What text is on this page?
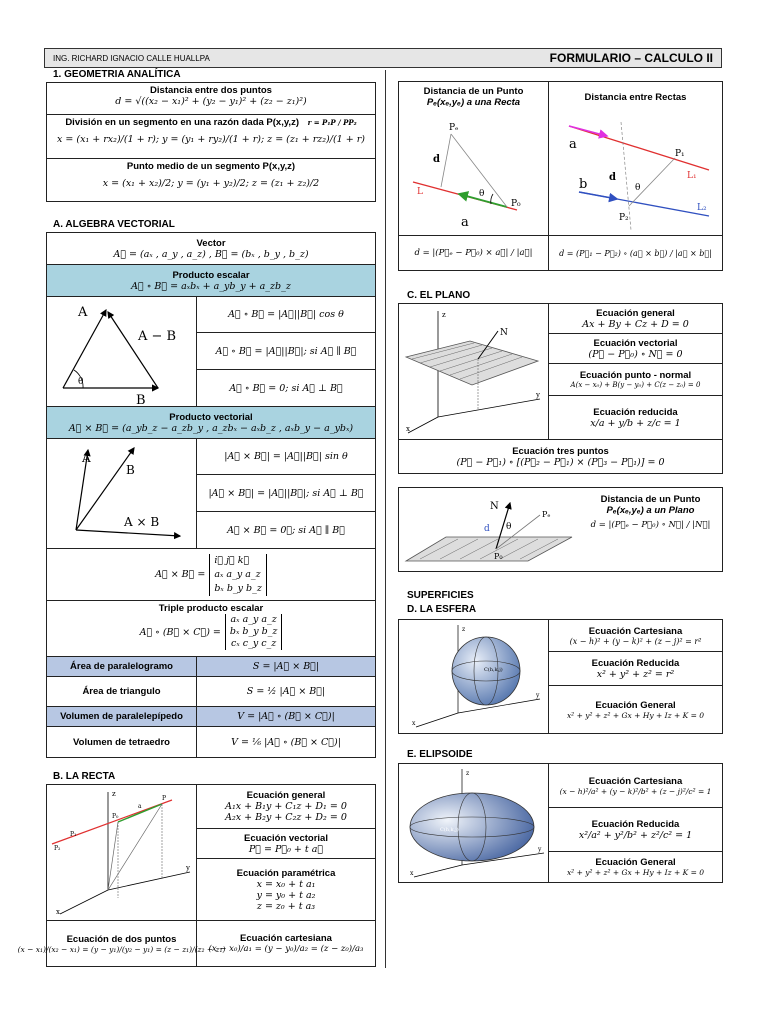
ING. RICHARD IGNACIO CALLE HUALLPA	FORMULARIO – CALCULO II
1. GEOMETRIA ANALÍTICA
Distancia entre dos puntos
d = √((x₂ − x₁)² + (y₂ − y₁)² + (z₂ − z₁)²)
División en un segmento en una razón dada P(x,y,z) r = P₁P / PP₂
x = (x₁ + rx₂)/(1 + r); y = (y₁ + ry₂)/(1 + r); z = (z₁ + rz₂)/(1 + r)
Punto medio de un segmento P(x,y,z)
x = (x₁ + x₂)/2; y = (y₁ + y₂)/2; z = (z₁ + z₂)/2
A. ALGEBRA VECTORIAL
Vector
A⃗ = (aₓ , a_y , a_z) , B⃗ = (bₓ , b_y , b_z)
Producto escalar
A⃗ ∘ B⃗ = aₓbₓ + a_yb_y + a_zb_z
A
A − B
B
θ
A⃗ ∘ B⃗ = |A⃗||B⃗| cos θ
A⃗ ∘ B⃗ = |A⃗||B⃗|; si A⃗ ∥ B⃗
A⃗ ∘ B⃗ = 0; si A⃗ ⊥ B⃗
Producto vectorial
A⃗ × B⃗ = (a_yb_z − a_zb_y , a_zbₓ − aₓb_z , aₓb_y − a_ybₓ)
A
B
A × B
|A⃗ × B⃗| = |A⃗||B⃗| sin θ
|A⃗ × B⃗| = |A⃗||B⃗|; si A⃗ ⊥ B⃗
A⃗ × B⃗ = 0⃗; si A⃗ ∥ B⃗
A⃗ × B⃗ =
i⃗ j⃗ k⃗
aₓ a_y a_z
bₓ b_y b_z
Triple producto escalar
A⃗ ∘ (B⃗ × C⃗) =
aₓ a_y a_z
bₓ b_y b_z
cₓ c_y c_z
Área de paralelogramo	S = |A⃗ × B⃗|
Área de triangulo	S = ½ |A⃗ × B⃗|
Volumen de paralelepípedo	V = |A⃗ ∘ (B⃗ × C⃗)|
Volumen de tetraedro	V = ⅙ |A⃗ ∘ (B⃗ × C⃗)|
B. LA RECTA
z
y
x
P₀
P
P₁
P₂
a
Ecuación general
A₁x + B₁y + C₁z + D₁ = 0
A₂x + B₂y + C₂z + D₂ = 0
Ecuación vectorial
P⃗ = P⃗₀ + t a⃗
Ecuación paramétrica
x = x₀ + t a₁
y = y₀ + t a₂
z = z₀ + t a₃
Ecuación de dos puntos
(x − x₁)/(x₂ − x₁) = (y − y₁)/(y₂ − y₁) = (z − z₁)/(z₂ − z₁)
Ecuación cartesiana
(x − x₀)/a₁ = (y − y₀)/a₂ = (z − z₀)/a₃
Distancia de un Punto
Pₑ(xₑ,yₑ) a una Recta
Pₑ
d
θ
P₀
L
a
Distancia entre Rectas
a
b d
θ
P₁
P₂
L₁
L₂
d = |(P⃗ₑ − P⃗₀) × a⃗| / |a⃗|	d = (P⃗₁ − P⃗₂) ∘ (a⃗ × b⃗) / |a⃗ × b⃗|
C. EL PLANO
z
y
x
N
Ecuación general
Ax + By + Cz + D = 0
Ecuación vectorial
(P⃗ − P⃗₀) ∘ N⃗ = 0
Ecuación punto - normal
A(x − x₀) + B(y − y₀) + C(z − z₀) = 0
Ecuación reducida
x/a + y/b + z/c = 1
Ecuación tres puntos
(P⃗ − P⃗₁) ∘ [(P⃗₂ − P⃗₁) × (P⃗₃ − P⃗₁)] = 0
N
d θ
Pₑ
P₀
Distancia de un Punto
Pₑ(xₑ,yₑ) a un Plano
d = |(P⃗ₑ − P⃗₀) ∘ N⃗| / |N⃗|
SUPERFICIES
D. LA ESFERA
C(h,k,j)
z
y
x
Ecuación Cartesiana
(x − h)² + (y − k)² + (z − j)² = r²
Ecuación Reducida
x² + y² + z² = r²
Ecuación General
x² + y² + z² + Gx + Hy + Iz + K = 0
E. ELIPSOIDE
C(h,k,j)
z
y
x
Ecuación Cartesiana
(x − h)²/a² + (y − k)²/b² + (z − j)²/c² = 1
Ecuación Reducida
x²/a² + y²/b² + z²/c² = 1
Ecuación General
x² + y² + z² + Gx + Hy + Iz + K = 0
